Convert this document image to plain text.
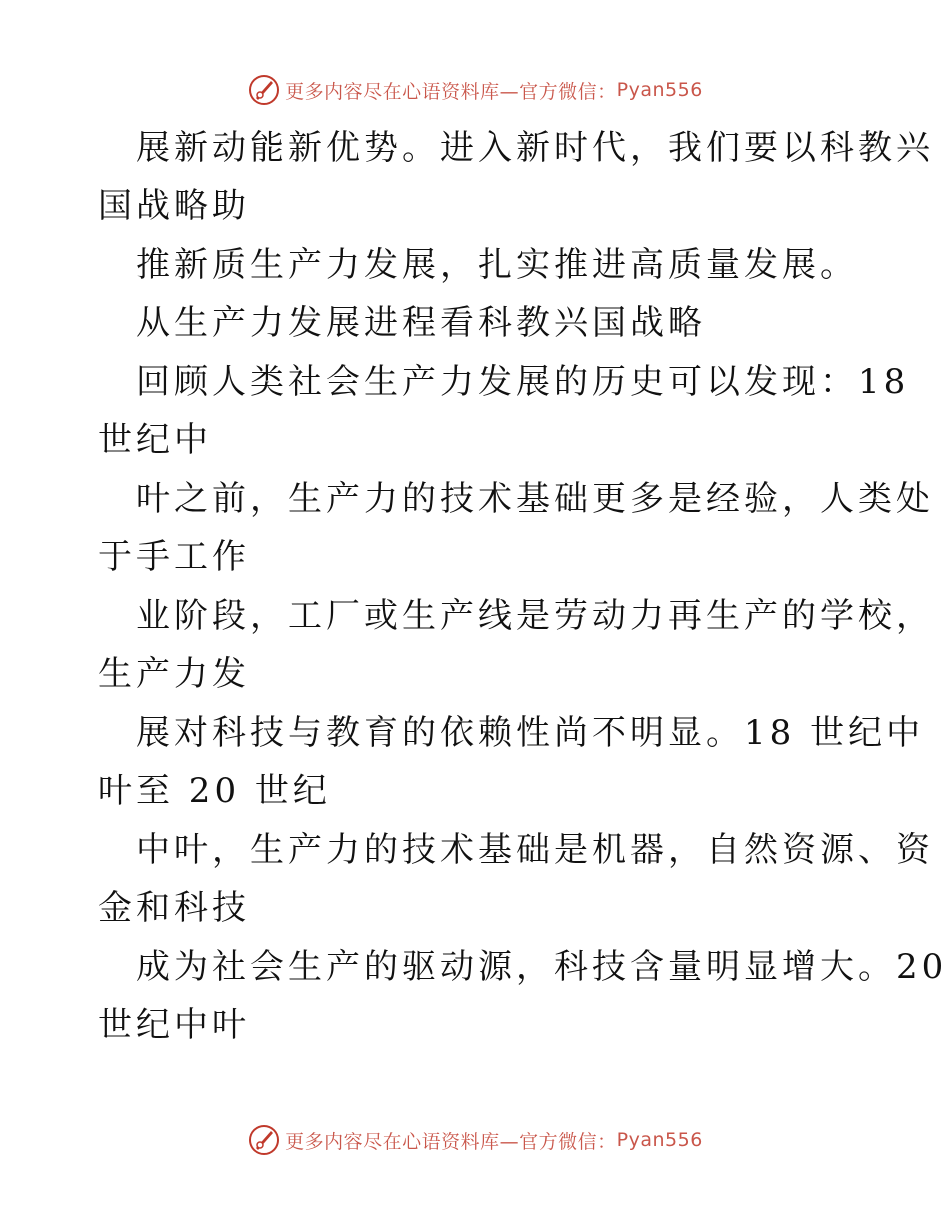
更多内容尽在心语资料库—官方微信： Pyan556
展新动能新优势。进入新时代，我们要以科教兴
国战略助
推新质生产力发展，扎实推进高质量发展。
从生产力发展进程看科教兴国战略
回顾人类社会生产力发展的历史可以发现：18
世纪中
叶之前，生产力的技术基础更多是经验，人类处
于手工作
业阶段，工厂或生产线是劳动力再生产的学校，
生产力发
展对科技与教育的依赖性尚不明显。18 世纪中
叶至 20 世纪
中叶，生产力的技术基础是机器，自然资源、资
金和科技
成为社会生产的驱动源，科技含量明显增大。20
世纪中叶
更多内容尽在心语资料库—官方微信： Pyan556
